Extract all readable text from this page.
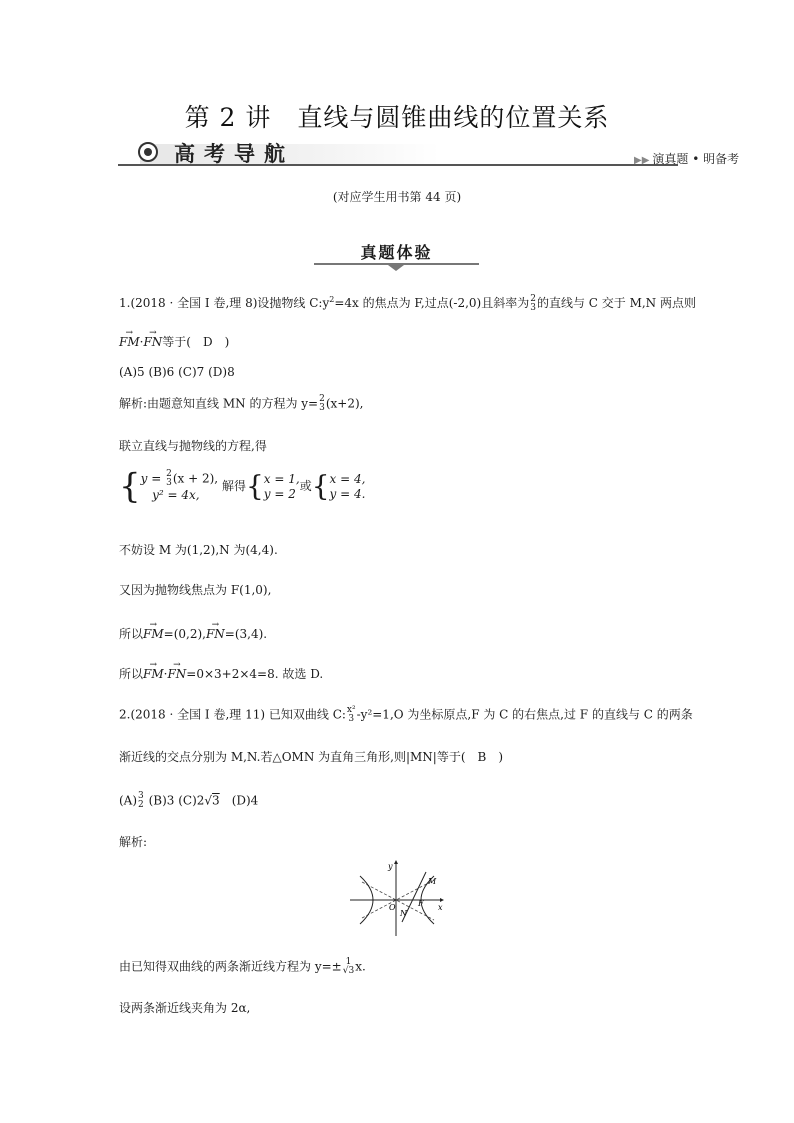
第 2 讲　直线与圆锥曲线的位置关系
高考导航	▶▶ 演真题 • 明备考
(对应学生用书第 44 页)
真题体验
1.(2018 · 全国 Ⅰ 卷,理 8)设抛物线 $C:y^2=4x$ 的焦点为 F,过点(-2,0)且斜率为 2
3 的直线与 C 交于 M,N 两点则
→ FM·→ FN等于(　D　)
(A)5 (B)6 (C)7 (D)8
解析:由题意知直线 MN 的方程为 y= 2
3 (x+2),
联立直线与抛物线的方程,得
{y = 2
3 (x + 2),
y² = 4x, 解得{x = 1,
y = 2或{x = 4,
y = 4.
不妨设 M 为(1,2),N 为(4,4).
又因为抛物线焦点为 F(1,0),
所以→ FM=(0,2),→ FN=(3,4).
所以→ FM·→ FN=0×3+2×4=8. 故选 D.
2.(2018 · 全国 Ⅰ 卷,理 11) 已知双曲线 C: x²
3 -y²=1,O 为坐标原点,F 为 C 的右焦点,过 F 的直线与 C 的两条
渐近线的交点分别为 M,N.若△OMN 为直角三角形,则|MN|等于(　B　)
(A) 3
2 (B)3 (C)2√3　(D)4
解析:
y
x
M
N
F
O
由已知得双曲线的两条渐近线方程为 y=± 1
√3 x.
设两条渐近线夹角为 2α,
